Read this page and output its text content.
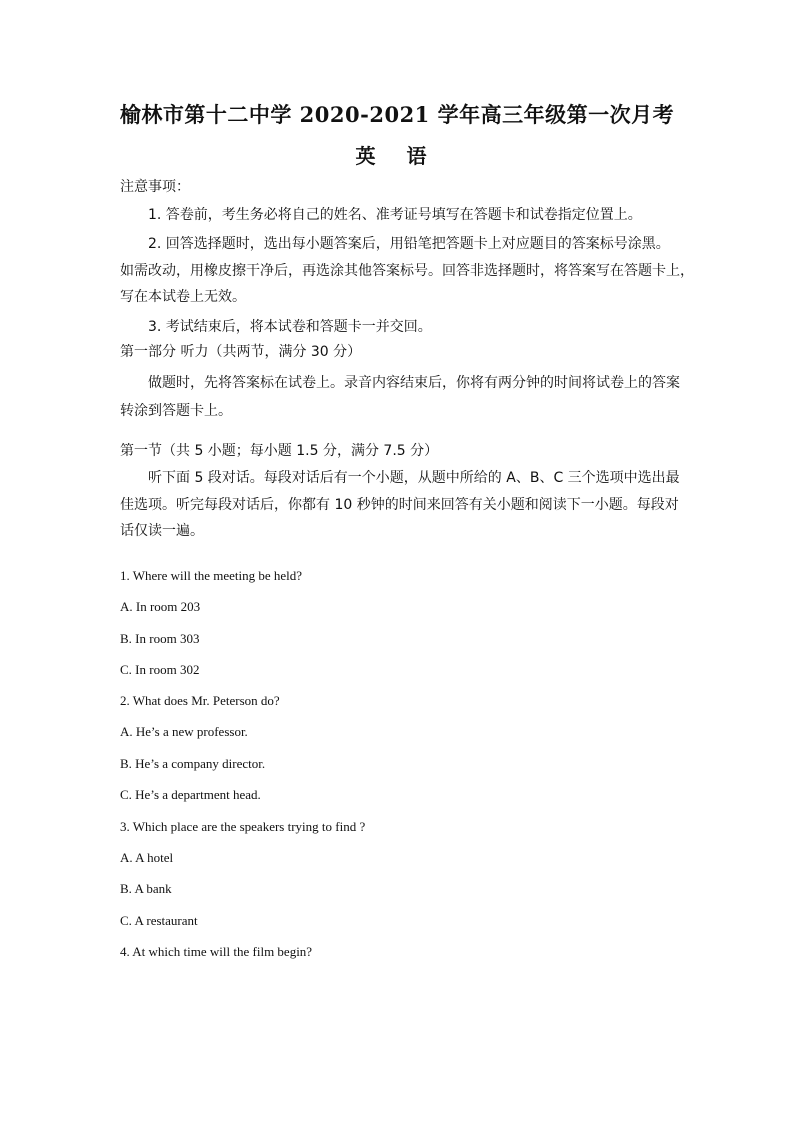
榆林市第十二中学 2020-2021 学年高三年级第一次月考
英 语
注意事项：
1. 答卷前，考生务必将自己的姓名、准考证号填写在答题卡和试卷指定位置上。
2. 回答选择题时，选出每小题答案后，用铅笔把答题卡上对应题目的答案标号涂黑。
如需改动，用橡皮擦干净后，再选涂其他答案标号。回答非选择题时，将答案写在答题卡上，
写在本试卷上无效。
3. 考试结束后，将本试卷和答题卡一并交回。
第一部分 听力（共两节，满分 30 分）
做题时，先将答案标在试卷上。录音内容结束后，你将有两分钟的时间将试卷上的答案
转涂到答题卡上。
第一节（共 5 小题；每小题 1.5 分，满分 7.5 分）
听下面 5 段对话。每段对话后有一个小题，从题中所给的 A、B、C 三个选项中选出最
佳选项。听完每段对话后，你都有 10 秒钟的时间来回答有关小题和阅读下一小题。每段对
话仅读一遍。
1. Where will the meeting be held?
A. In room 203
B. In room 303
C. In room 302
2. What does Mr. Peterson do?
A. He’s a new professor.
B. He’s a company director.
C. He’s a department head.
3. Which place are the speakers trying to find ?
A. A hotel
B. A bank
C. A restaurant
4. At which time will the film begin?
